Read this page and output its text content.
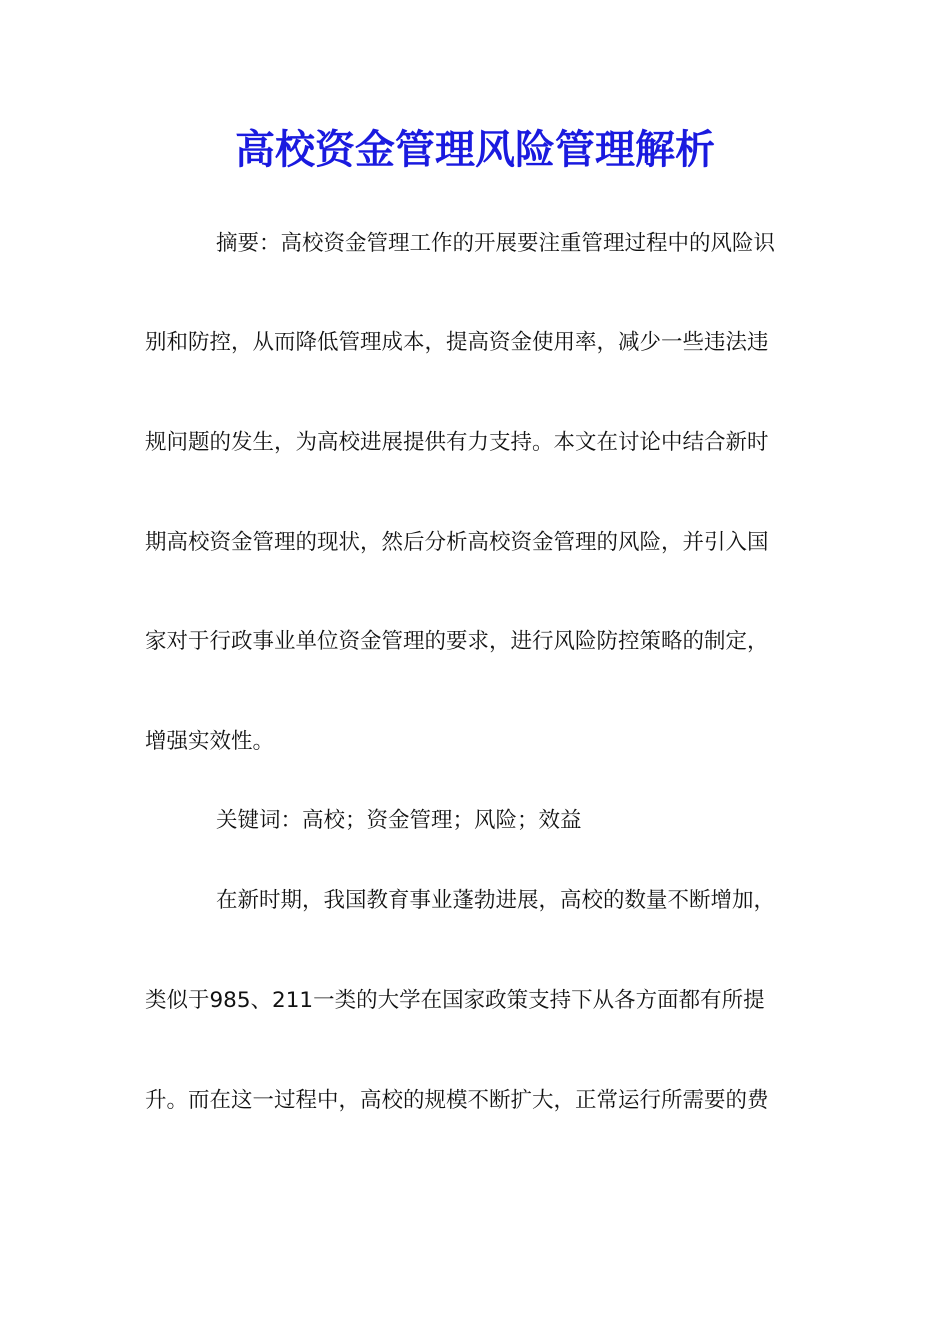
高校资金管理风险管理解析
摘要：高校资金管理工作的开展要注重管理过程中的风险识
别和防控，从而降低管理成本，提高资金使用率，减少一些违法违
规问题的发生，为高校进展提供有力支持。本文在讨论中结合新时
期高校资金管理的现状，然后分析高校资金管理的风险，并引入国
家对于行政事业单位资金管理的要求，进行风险防控策略的制定，
增强实效性。
关键词：高校；资金管理；风险；效益
在新时期，我国教育事业蓬勃进展，高校的数量不断增加，
类似于985、211一类的大学在国家政策支持下从各方面都有所提
升。而在这一过程中，高校的规模不断扩大，正常运行所需要的费
